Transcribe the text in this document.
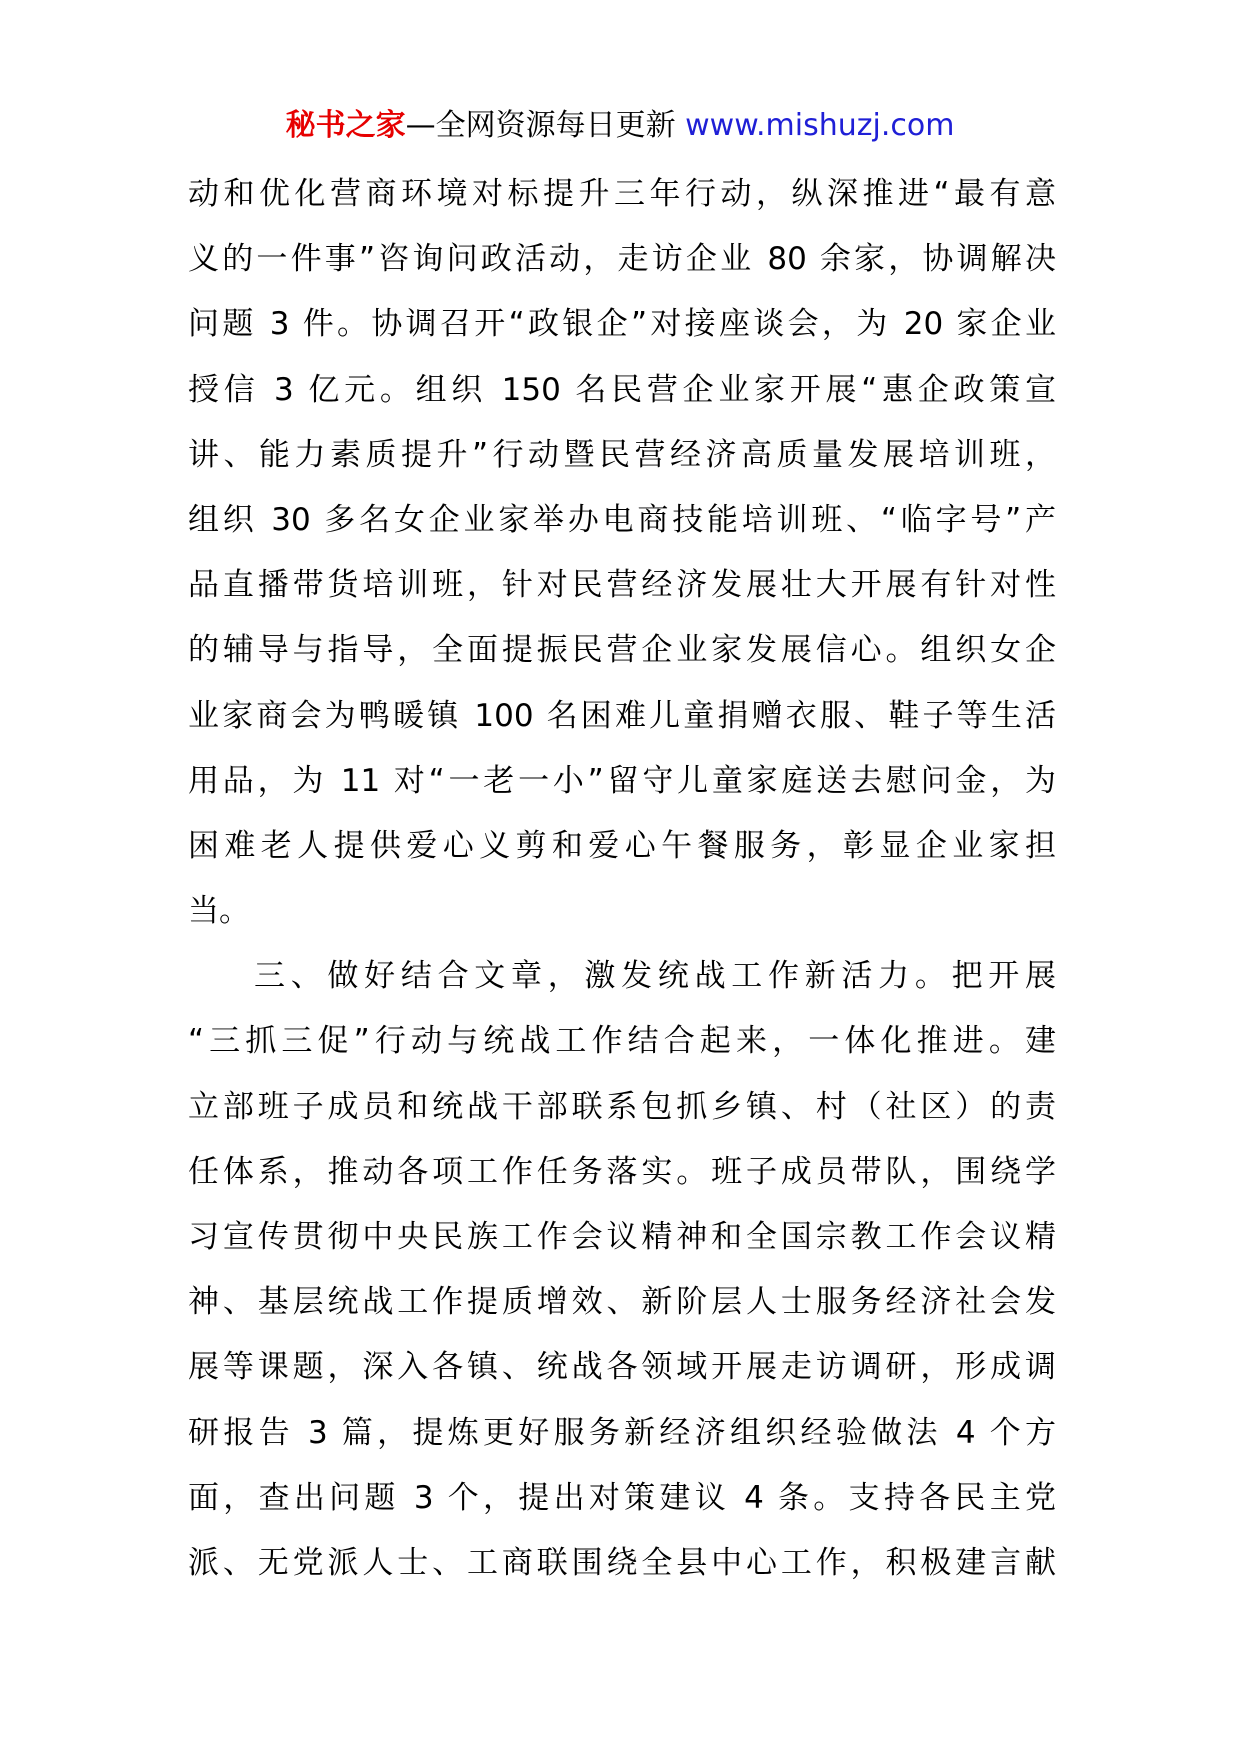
秘书之家—全网资源每日更新 www.mishuzj.com
动和优化营商环境对标提升三年行动，纵深推进“最有意
义的一件事”咨询问政活动，走访企业 80 余家，协调解决
问题 3 件。协调召开“政银企”对接座谈会，为 20 家企业
授信 3 亿元。组织 150 名民营企业家开展“惠企政策宣
讲、能力素质提升”行动暨民营经济高质量发展培训班，
组织 30 多名女企业家举办电商技能培训班、“临字号”产
品直播带货培训班，针对民营经济发展壮大开展有针对性
的辅导与指导，全面提振民营企业家发展信心。组织女企
业家商会为鸭暖镇 100 名困难儿童捐赠衣服、鞋子等生活
用品，为 11 对“一老一小”留守儿童家庭送去慰问金，为
困难老人提供爱心义剪和爱心午餐服务，彰显企业家担
当。
三、做好结合文章，激发统战工作新活力。把开展
“三抓三促”行动与统战工作结合起来，一体化推进。建
立部班子成员和统战干部联系包抓乡镇、村（社区）的责
任体系，推动各项工作任务落实。班子成员带队，围绕学
习宣传贯彻中央民族工作会议精神和全国宗教工作会议精
神、基层统战工作提质增效、新阶层人士服务经济社会发
展等课题，深入各镇、统战各领域开展走访调研，形成调
研报告 3 篇，提炼更好服务新经济组织经验做法 4 个方
面，查出问题 3 个，提出对策建议 4 条。支持各民主党
派、无党派人士、工商联围绕全县中心工作，积极建言献
